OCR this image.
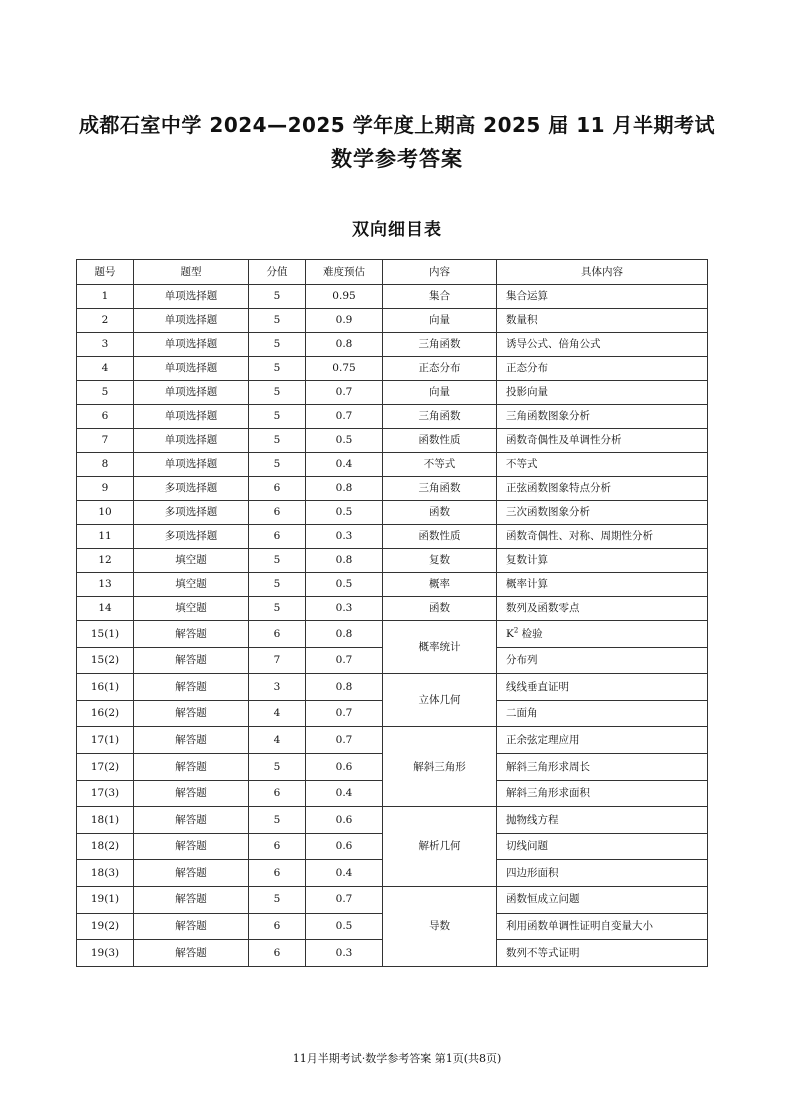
成都石室中学 2024—2025 学年度上期高 2025 届 11 月半期考试
数学参考答案
双向细目表
题号	题型	分值	难度预估	内容	具体内容
1	单项选择题	5	0.95	集合	集合运算
2	单项选择题	5	0.9	向量	数量积
3	单项选择题	5	0.8	三角函数	诱导公式、倍角公式
4	单项选择题	5	0.75	正态分布	正态分布
5	单项选择题	5	0.7	向量	投影向量
6	单项选择题	5	0.7	三角函数	三角函数图象分析
7	单项选择题	5	0.5	函数性质	函数奇偶性及单调性分析
8	单项选择题	5	0.4	不等式	不等式
9	多项选择题	6	0.8	三角函数	正弦函数图象特点分析
10	多项选择题	6	0.5	函数	三次函数图象分析
11	多项选择题	6	0.3	函数性质	函数奇偶性、对称、周期性分析
12	填空题	5	0.8	复数	复数计算
13	填空题	5	0.5	概率	概率计算
14	填空题	5	0.3	函数	数列及函数零点
15(1)	解答题	6	0.8	概率统计	$K^2$ 检验
15(2)	解答题	7	0.7		分布列
16(1)	解答题	3	0.8	立体几何	线线垂直证明
16(2)	解答题	4	0.7		二面角
17(1)	解答题	4	0.7	解斜三角形	正余弦定理应用
17(2)	解答题	5	0.6		解斜三角形求周长
17(3)	解答题	6	0.4		解斜三角形求面积
18(1)	解答题	5	0.6	解析几何	抛物线方程
18(2)	解答题	6	0.6		切线问题
18(3)	解答题	6	0.4		四边形面积
19(1)	解答题	5	0.7	导数	函数恒成立问题
19(2)	解答题	6	0.5		利用函数单调性证明自变量大小
19(3)	解答题	6	0.3		数列不等式证明
11月半期考试·数学参考答案 第1页(共8页)
